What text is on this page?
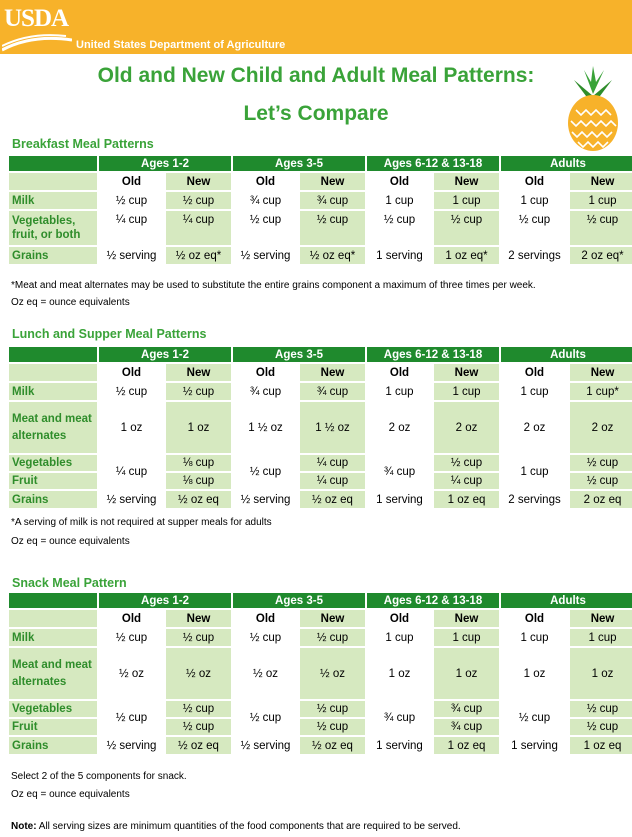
USDA
United States Department of Agriculture
Old and New Child and Adult Meal Patterns:
Let’s Compare
Breakfast Meal Patterns
	Ages 1-2		Ages 3-5		Ages 6-12 & 13-18		Adults	
	Old	New	Old	New	Old	New	Old	New
Milk	½ cup	½ cup	¾ cup	¾ cup	1 cup	1 cup	1 cup	1 cup
Vegetables, fruit, or both	¼ cup	¼ cup	½ cup	½ cup	½ cup	½ cup	½ cup	½ cup
Grains	½ serving	½ oz eq*	½ serving	½ oz eq*	1 serving	1 oz eq*	2 servings	2 oz eq*
*Meat and meat alternates may be used to substitute the entire grains component a maximum of three times per week.
Oz eq = ounce equivalents
Lunch and Supper Meal Patterns
	Ages 1-2		Ages 3-5		Ages 6-12 & 13-18		Adults	
	Old	New	Old	New	Old	New	Old	New
Milk	½ cup	½ cup	¾ cup	¾ cup	1 cup	1 cup	1 cup	1 cup*
Meat and meat alternates	1 oz	1 oz	1 ½ oz	1 ½ oz	2 oz	2 oz	2 oz	2 oz
Vegetables	¼ cup	⅛ cup	½ cup	¼ cup	¾ cup	½ cup	1 cup	½ cup
Fruit		⅛ cup		¼ cup		¼ cup		½ cup
Grains	½ serving	½ oz eq	½ serving	½ oz eq	1 serving	1 oz eq	2 servings	2 oz eq
*A serving of milk is not required at supper meals for adults
Oz eq = ounce equivalents
Snack Meal Pattern
	Ages 1-2		Ages 3-5		Ages 6-12 & 13-18		Adults	
	Old	New	Old	New	Old	New	Old	New
Milk	½ cup	½ cup	½ cup	½ cup	1 cup	1 cup	1 cup	1 cup
Meat and meat alternates	½ oz	½ oz	½ oz	½ oz	1 oz	1 oz	1 oz	1 oz
Vegetables	½ cup	½ cup	½ cup	½ cup	¾ cup	¾ cup	½ cup	½ cup
Fruit		½ cup		½ cup		¾ cup		½ cup
Grains	½ serving	½ oz eq	½ serving	½ oz eq	1 serving	1 oz eq	1 serving	1 oz eq
Select 2 of the 5 components for snack.
Oz eq = ounce equivalents
Note: All serving sizes are minimum quantities of the food components that are required to be served.
